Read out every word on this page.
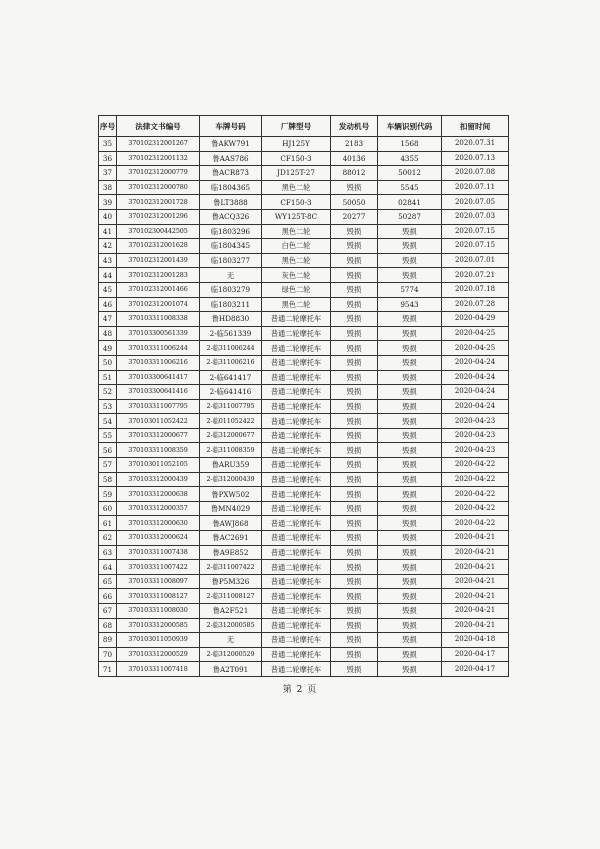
序号	法律文书编号	车牌号码	厂牌型号	发动机号	车辆识别代码	扣留时间
35	370102312001267	鲁AKW791	HJ125Y	2183	1568	2020.07.31
36	370102312001132	鲁AAS786	CF150-3	40136	4355	2020.07.13
37	370102312000779	鲁ACR873	JD125T-27	88012	50012	2020.07.08
38	370102312000780	临1804365	黑色二轮	毁损	5545	2020.07.11
39	370102312001728	鲁LT3888	CF150-3	50050	02841	2020.07.05
40	370102312001296	鲁ACQ326	WY125T-8C	20277	50287	2020.07.03
41	370102300442505	临1803296	黑色二轮	毁损	毁损	2020.07.15
42	370102312001628	临1804345	白色二轮	毁损	毁损	2020.07.15
43	370102312001439	临1803277	黑色二轮	毁损	毁损	2020.07.01
44	370102312001283	无	灰色二轮	毁损	毁损	2020.07.21
45	370102312001466	临1803279	绿色二轮	毁损	5774	2020.07.18
46	370102312001074	临1803211	黑色二轮	毁损	9543	2020.07.28
47	370103311008338	鲁HD8830	普通二轮摩托车	毁损	毁损	2020-04-29
48	370103300561339	2-临561339	普通二轮摩托车	毁损	毁损	2020-04-25
49	370103311006244	2-临311006244	普通二轮摩托车	毁损	毁损	2020-04-25
50	370103311006216	2-临311006216	普通二轮摩托车	毁损	毁损	2020-04-24
51	370103300641417	2-临641417	普通二轮摩托车	毁损	毁损	2020-04-24
52	370103300641416	2-临641416	普通二轮摩托车	毁损	毁损	2020-04-24
53	370103311007795	2-临311007795	普通二轮摩托车	毁损	毁损	2020-04-24
54	370103011052422	2-临011052422	普通二轮摩托车	毁损	毁损	2020-04-23
55	370103312000677	2-临312000677	普通二轮摩托车	毁损	毁损	2020-04-23
56	370103311008359	2-临311008359	普通二轮摩托车	毁损	毁损	2020-04-23
57	370103011052105	鲁ARU359	普通二轮摩托车	毁损	毁损	2020-04-22
58	370103312000439	2-临312000439	普通二轮摩托车	毁损	毁损	2020-04-22
59	370103312000638	鲁PXW502	普通二轮摩托车	毁损	毁损	2020-04-22
60	370103312000357	鲁MN4029	普通二轮摩托车	毁损	毁损	2020-04-22
61	370103312000630	鲁AWJ868	普通二轮摩托车	毁损	毁损	2020-04-22
62	370103312000624	鲁AC2691	普通二轮摩托车	毁损	毁损	2020-04-21
63	370103311007438	鲁A9E852	普通二轮摩托车	毁损	毁损	2020-04-21
64	370103311007422	2-临311007422	普通二轮摩托车	毁损	毁损	2020-04-21
65	370103311008097	鲁P5M326	普通二轮摩托车	毁损	毁损	2020-04-21
66	370103311008127	2-临311008127	普通二轮摩托车	毁损	毁损	2020-04-21
67	370103311008030	鲁A2F521	普通二轮摩托车	毁损	毁损	2020-04-21
68	370103312000585	2-临312000585	普通二轮摩托车	毁损	毁损	2020-04-21
89	370103011050939	无	普通二轮摩托车	毁损	毁损	2020-04-18
70	370103312000529	2-临312000529	普通二轮摩托车	毁损	毁损	2020-04-17
71	370103311007418	鲁A2T091	普通二轮摩托车	毁损	毁损	2020-04-17
第 2 页
